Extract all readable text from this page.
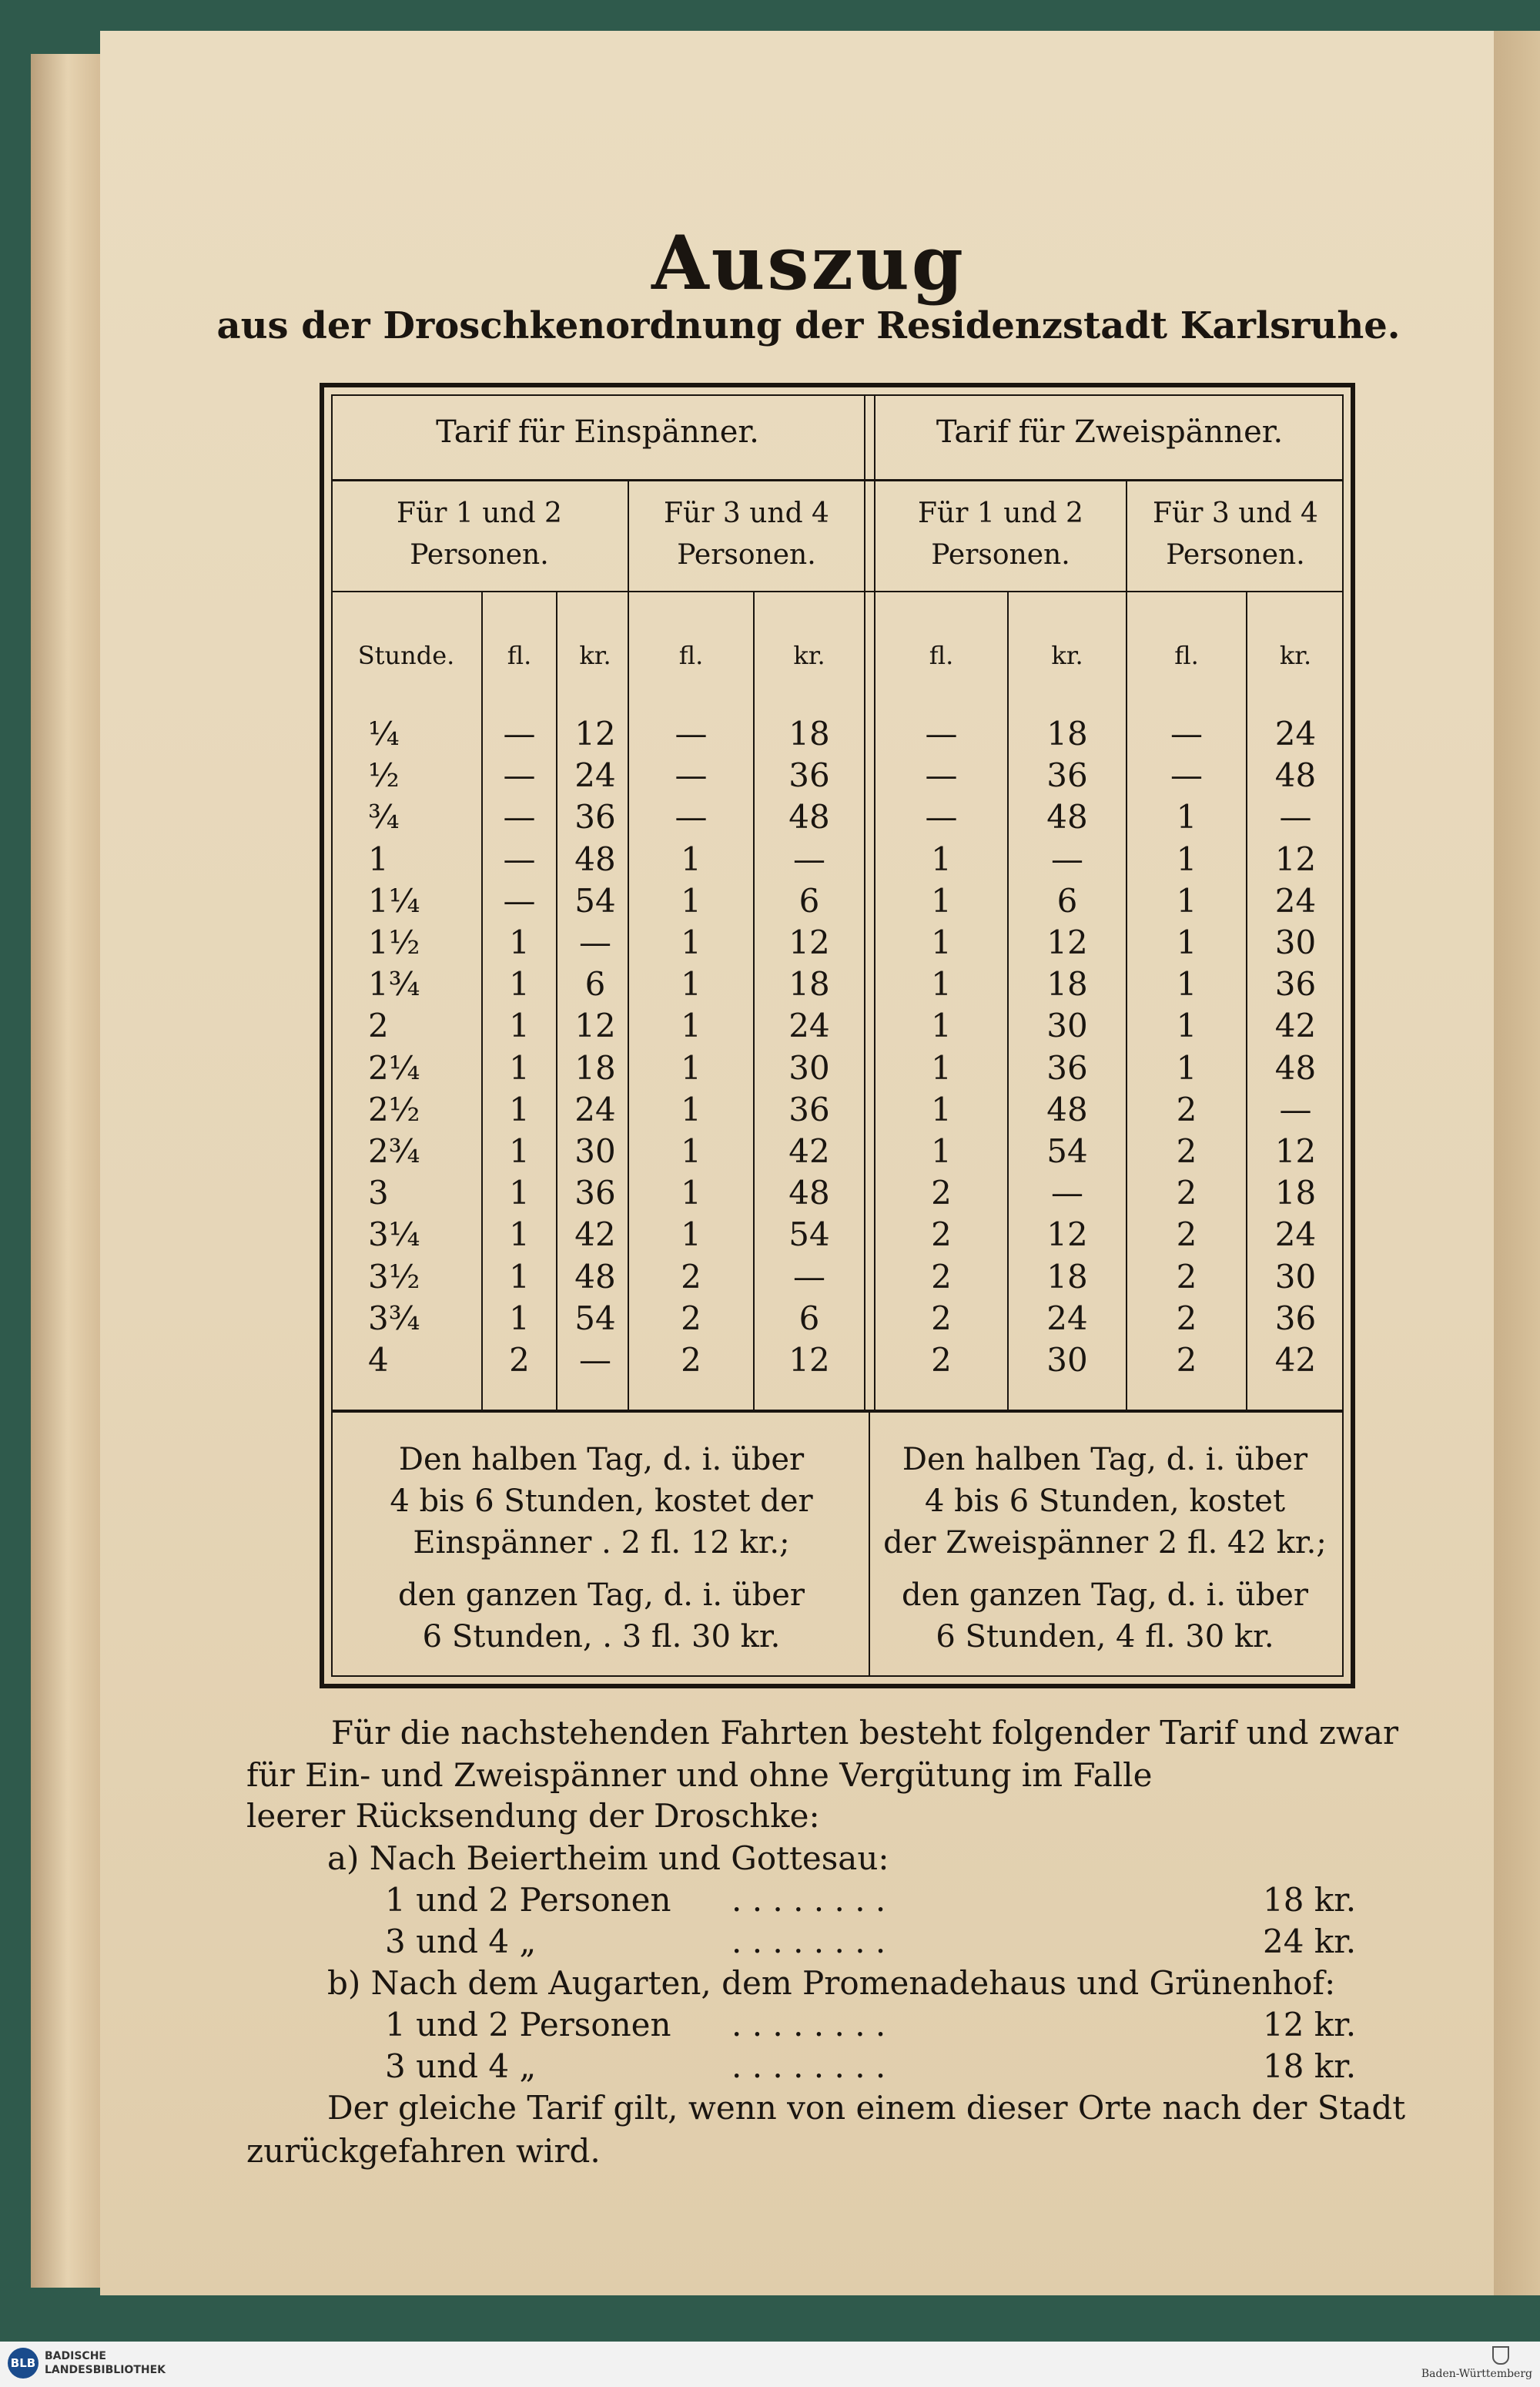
Auszug
aus der Droschkenordnung der Residenzstadt Karlsruhe.
Tarif für Einspänner.	Tarif für Zweispänner.
Für 1 und 2
Personen.
Für 3 und 4
Personen.
Für 1 und 2
Personen.
Für 3 und 4
Personen.
Stunde.	fl.	kr.	fl.	kr.	fl.	kr.	fl.	kr.
¼	—	12	—	18	—	18	—	24
½	—	24	—	36	—	36	—	48
¾	—	36	—	48	—	48	1	—
1	—	48	1	—	1	—	1	12
1¼	—	54	1	6	1	6	1	24
1½	1	—	1	12	1	12	1	30
1¾	1	6	1	18	1	18	1	36
2	1	12	1	24	1	30	1	42
2¼	1	18	1	30	1	36	1	48
2½	1	24	1	36	1	48	2	—
2¾	1	30	1	42	1	54	2	12
3	1	36	1	48	2	—	2	18
3¼	1	42	1	54	2	12	2	24
3½	1	48	2	—	2	18	2	30
3¾	1	54	2	6	2	24	2	36
4	2	—	2	12	2	30	2	42
Den halben Tag, d. i. über
4 bis 6 Stunden, kostet der
Einspänner . 2 fl. 12 kr.;
den ganzen Tag, d. i. über
6 Stunden, . 3 fl. 30 kr.
Den halben Tag, d. i. über
4 bis 6 Stunden, kostet
der Zweispänner 2 fl. 42 kr.;
den ganzen Tag, d. i. über
6 Stunden, 4 fl. 30 kr.
Für die nachstehenden Fahrten besteht folgender Tarif und zwar
für Ein- und Zweispänner und ohne Vergütung im Falle
leerer Rücksendung der Droschke:
a) Nach Beiertheim und Gottesau:
1 und 2 Personen . . . . . . . .	18 kr.
3 und 4 „	. . . . . . . .	24 kr.
b) Nach dem Augarten, dem Promenadehaus und Grünenhof:
1 und 2 Personen . . . . . . . .	12 kr.
3 und 4 „	. . . . . . . .	18 kr.
Der gleiche Tarif gilt, wenn von einem dieser Orte nach der Stadt
zurückgefahren wird.
BLB BADISCHE
LANDESBIBLIOTHEK	Baden-Württemberg
